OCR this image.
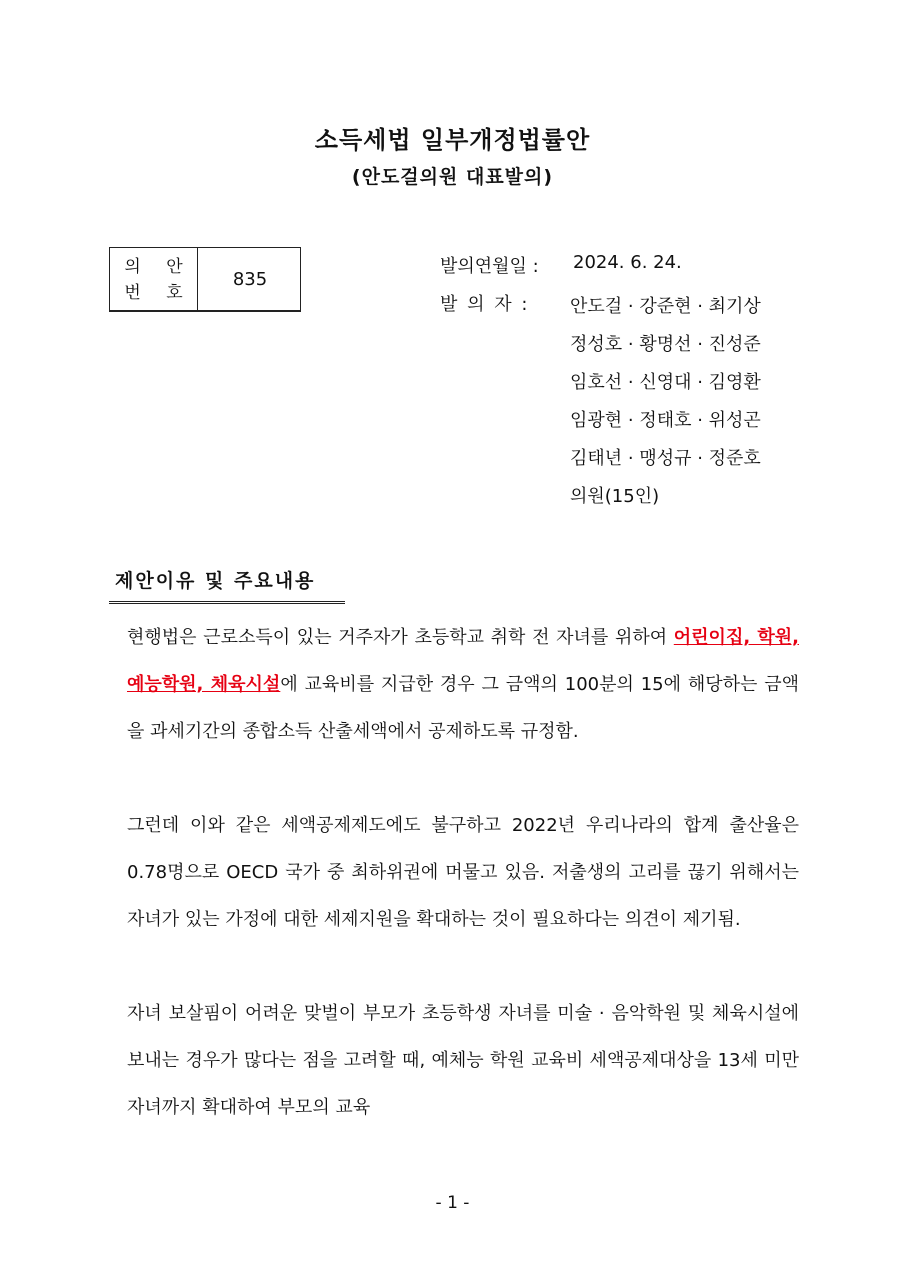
소득세법 일부개정법률안
(안도걸의원 대표발의)
의 안
번 호
835
발의연월일 : 2024. 6. 24.
발 의 자 : 안도걸 · 강준현 · 최기상
정성호 · 황명선 · 진성준
임호선 · 신영대 · 김영환
임광현 · 정태호 · 위성곤
김태년 · 맹성규 · 정준호
의원(15인)
제안이유 및 주요내용

현행법은 근로소득이 있는 거주자가 초등학교 취학 전 자녀를 위하여 어린이집, 학원, 예능학원, 체육시설에 교육비를 지급한 경우 그 금액의 100분의 15에 해당하는 금액을 과세기간의 종합소득 산출세액에서 공제하도록 규정함.

그런데 이와 같은 세액공제제도에도 불구하고 2022년 우리나라의 합계 출산율은 0.78명으로 OECD 국가 중 최하위권에 머물고 있음. 저출생의 고리를 끊기 위해서는 자녀가 있는 가정에 대한 세제지원을 확대하는 것이 필요하다는 의견이 제기됨.

자녀 보살핌이 어려운 맞벌이 부모가 초등학생 자녀를 미술 · 음악학원 및 체육시설에 보내는 경우가 많다는 점을 고려할 때, 예체능 학원 교육비 세액공제대상을 13세 미만 자녀까지 확대하여 부모의 교육

- 1 -
